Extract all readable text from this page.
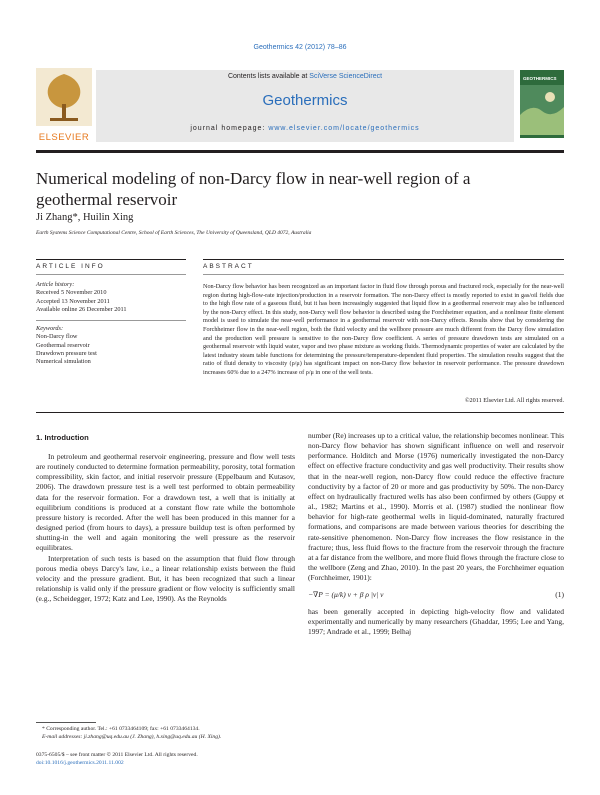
Geothermics 42 (2012) 78–86
ELSEVIER
Contents lists available at SciVerse ScienceDirect
Geothermics
journal homepage: www.elsevier.com/locate/geothermics
GEOTHERMICS
Numerical modeling of non-Darcy flow in near-well region of a geothermal reservoir
Ji Zhang*, Huilin Xing
Earth Systems Science Computational Centre, School of Earth Sciences, The University of Queensland, QLD 4072, Australia
ARTICLE INFO	ABSTRACT
Article history:
Received 5 November 2010
Accepted 13 November 2011
Available online 26 December 2011
Keywords:
Non-Darcy flow
Geothermal reservoir
Drawdown pressure test
Numerical simulation
Non-Darcy flow behavior has been recognized as an important factor in fluid flow through porous and fractured rock, especially for the near-well region during high-flow-rate injection/production in a reservoir formation. The non-Darcy effect is mostly reported to exist in gas/oil fields due to the high flow rate of a gaseous fluid, but it has been increasingly suggested that liquid flow in a geothermal reservoir may also be influenced by the non-Darcy effect. In this study, non-Darcy well flow behavior is described using the Forchheimer equation, and a nonlinear finite element model is used to simulate the near-well performance in a geothermal reservoir with non-Darcy effects. Results show that by considering the Forchheimer flow in the near-well region, both the fluid velocity and the wellbore pressure are much different from the Darcy flow simulation and the production well pressure is sensitive to the non-Darcy flow coefficient. A series of pressure drawdown tests are simulated on a geothermal reservoir with liquid water, vapor and two phase mixture as working fluids. Thermodynamic properties of water are calculated by the latest industry steam table functions for determining the pressure/temperature-dependent fluid properties. The simulation results suggest that the ratio of fluid density to viscosity (ρ/μ) has significant impact on non-Darcy flow behavior in reservoir performance. The pressure drawdown increases 60% due to a 247% increase of ρ/μ in one of the well tests.
©2011 Elsevier Ltd. All rights reserved.
1. Introduction

In petroleum and geothermal reservoir engineering, pressure and flow well tests are routinely conducted to determine formation permeability, porosity, total formation compressibility, skin factor, and initial reservoir pressure (Eppelbaum and Kutasov, 2006). The drawdown pressure test is a well test performed to obtain permeability data for the reservoir formation. For a drawdown test, a well that is initially at equilibrium conditions is produced at a constant flow rate while the bottomhole pressure history is recorded. After the well has been produced in this manner for a designed period (from hours to days), a pressure buildup test is often performed by shutting-in the well and again monitoring the well pressure as the reservoir equilibrates.

Interpretation of such tests is based on the assumption that fluid flow through porous media obeys Darcy's law, i.e., a linear relationship exists between the fluid velocity and the pressure gradient. But, it has been recognized that such a linear relationship is valid only if the pressure gradient or flow velocity is sufficiently small (e.g., Scheidegger, 1972; Katz and Lee, 1990). As the Reynolds

number (Re) increases up to a critical value, the relationship becomes nonlinear. This non-Darcy flow behavior has shown significant influence on well and reservoir performance. Holditch and Morse (1976) numerically investigated the non-Darcy effect on effective fracture conductivity and gas well productivity. Their results show that in the near-well region, non-Darcy flow could reduce the effective fracture conductivity by a factor of 20 or more and gas productivity by 50%. The non-Darcy effect on hydraulically fractured wells has also been confirmed by others (Guppy et al., 1982; Martins et al., 1990). Morris et al. (1987) studied the nonlinear flow behavior for high-rate geothermal wells in liquid-dominated, naturally fractured formations, and comparisons are made between various theories for describing the rate-sensitive phenomenon. Non-Darcy flow increases the flow resistance in the fracture; thus, less fluid flows to the fracture from the reservoir through the fracture at a far distance from the wellbore, and more fluid flows through the fracture close to the wellbore (Zeng and Zhao, 2010). In the past 20 years, the Forchheimer equation (Forchheimer, 1901):

−∇P = (μ/k) v + β ρ |v| v	(1)

has been generally accepted in depicting high-velocity flow and validated experimentally and numerically by many researchers (Ghaddar, 1995; Lee and Yang, 1997; Andrade et al., 1999; Belhaj

* Corresponding author. Tel.: +61 0733464109; fax: +61 0733464134.
E-mail addresses: ji.zhang@uq.edu.au (J. Zhang), h.xing@uq.edu.au (H. Xing).
0375-6505/$ – see front matter © 2011 Elsevier Ltd. All rights reserved.
doi:10.1016/j.geothermics.2011.11.002
